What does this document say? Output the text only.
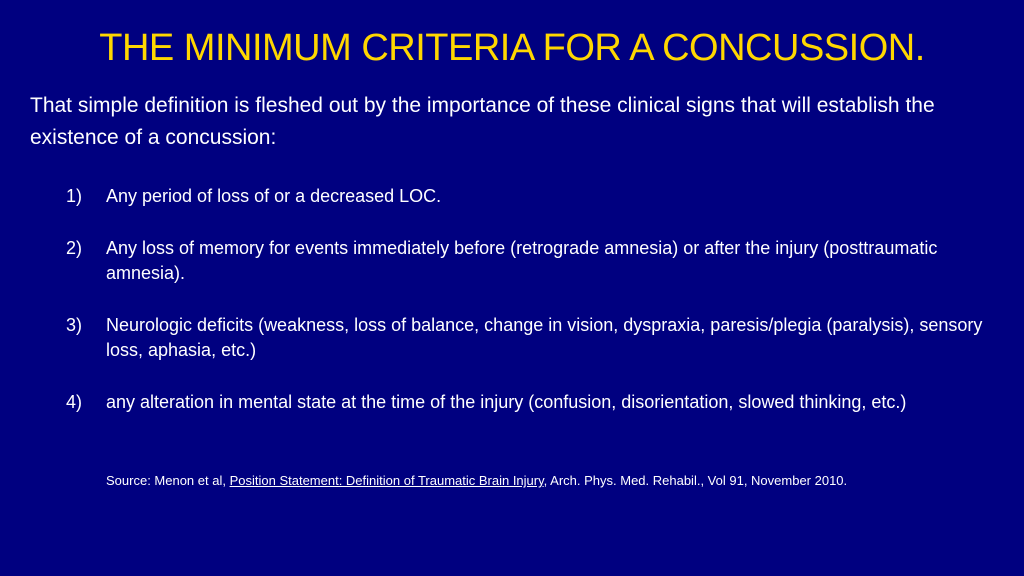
THE MINIMUM CRITERIA FOR A CONCUSSION.
That simple definition is fleshed out by the importance of these clinical signs that will establish the existence of a concussion:
1) Any period of loss of or a decreased LOC.
2) Any loss of memory for events immediately before (retrograde amnesia) or after the injury (posttraumatic amnesia).
3) Neurologic deficits (weakness, loss of balance, change in vision, dyspraxia, paresis/plegia (paralysis), sensory loss, aphasia, etc.)
4) any alteration in mental state at the time of the injury (confusion, disorientation, slowed thinking, etc.)
Source: Menon et al, Position Statement: Definition of Traumatic Brain Injury, Arch. Phys. Med. Rehabil., Vol 91, November 2010.
